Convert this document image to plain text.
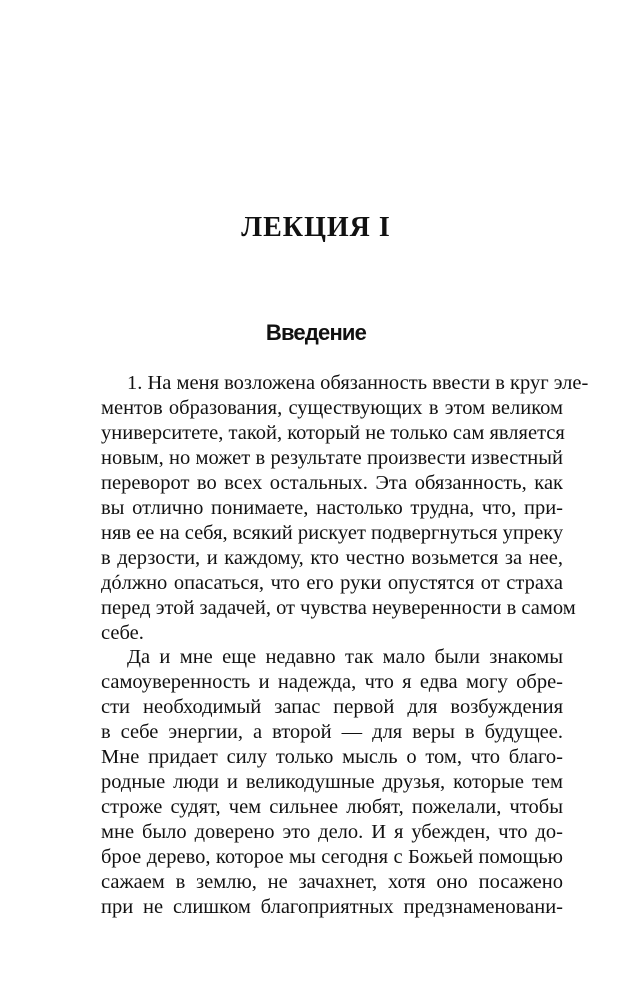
ЛЕКЦИЯ I
Введение
1. На меня возложена обязанность ввести в круг эле-
ментов образования, существующих в этом великом
университете, такой, который не только сам является
новым, но может в результате произвести известный
переворот во всех остальных. Эта обязанность, как
вы отлично понимаете, настолько трудна, что, при-
няв ее на себя, всякий рискует подвергнуться упреку
в дерзости, и каждому, кто честно возьмется за нее,
дóлжно опасаться, что его руки опустятся от страха
перед этой задачей, от чувства неуверенности в самом
себе.
Да и мне еще недавно так мало были знакомы
самоуверенность и надежда, что я едва могу обре-
сти необходимый запас первой для возбуждения
в себе энергии, а второй — для веры в будущее.
Мне придает силу только мысль о том, что благо-
родные люди и великодушные друзья, которые тем
строже судят, чем сильнее любят, пожелали, чтобы
мне было доверено это дело. И я убежден, что до-
брое дерево, которое мы сегодня с Божьей помощью
сажаем в землю, не зачахнет, хотя оно посажено
при не слишком благоприятных предзнаменовани-
